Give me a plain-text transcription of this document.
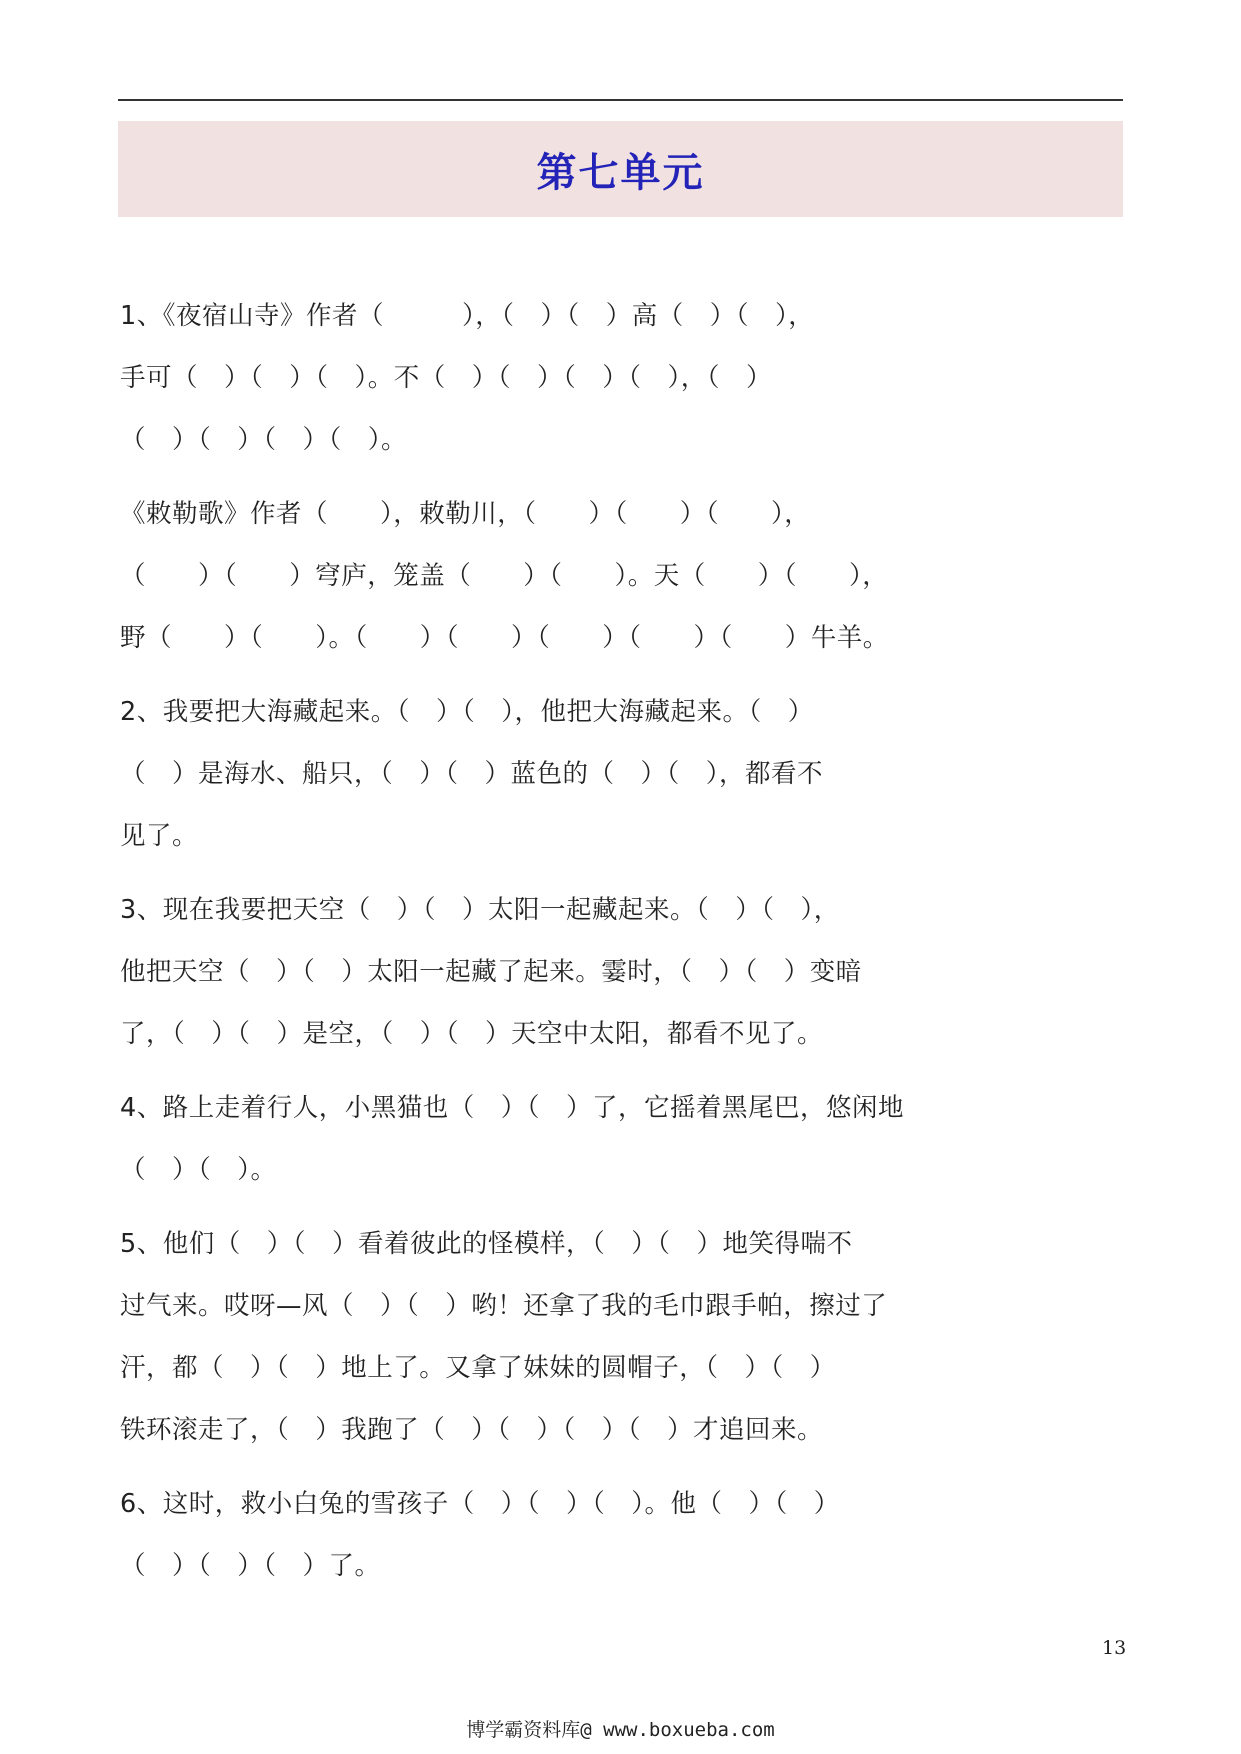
第七单元
1、《夜宿山寺》作者（　　　），（　）（　）高（　）（　），
手可（　）（　）（　）。不（　）（　）（　）（　），（　）
（　）（　）（　）（　）。
《敕勒歌》作者（　　），敕勒川，（　　）（　　）（　　），
（　　）（　　）穹庐，笼盖（　　）（　　）。天（　　）（　　），
野（　　）（　　）。（　　）（　　）（　　）（　　）（　　）牛羊。
2、我要把大海藏起来。（　）（　），他把大海藏起来。（　）
（　）是海水、船只，（　）（　）蓝色的（　）（　），都看不
见了。
3、现在我要把天空（　）（　）太阳一起藏起来。（　）（　），
他把天空（　）（　）太阳一起藏了起来。霎时，（　）（　）变暗
了，（　）（　）是空，（　）（　）天空中太阳，都看不见了。
4、路上走着行人，小黑猫也（　）（　）了，它摇着黑尾巴，悠闲地
（　）（　）。
5、他们（　）（　）看着彼此的怪模样，（　）（　）地笑得喘不
过气来。哎呀—风（　）（　）哟！还拿了我的毛巾跟手帕，擦过了
汗，都（　）（　）地上了。又拿了妹妹的圆帽子，（　）（　）
铁环滚走了，（　）我跑了（　）（　）（　）（　）才追回来。
6、这时，救小白兔的雪孩子（　）（　）（　）。他（　）（　）
（　）（　）（　）了。
13
博学霸资料库@ www.boxueba.com
